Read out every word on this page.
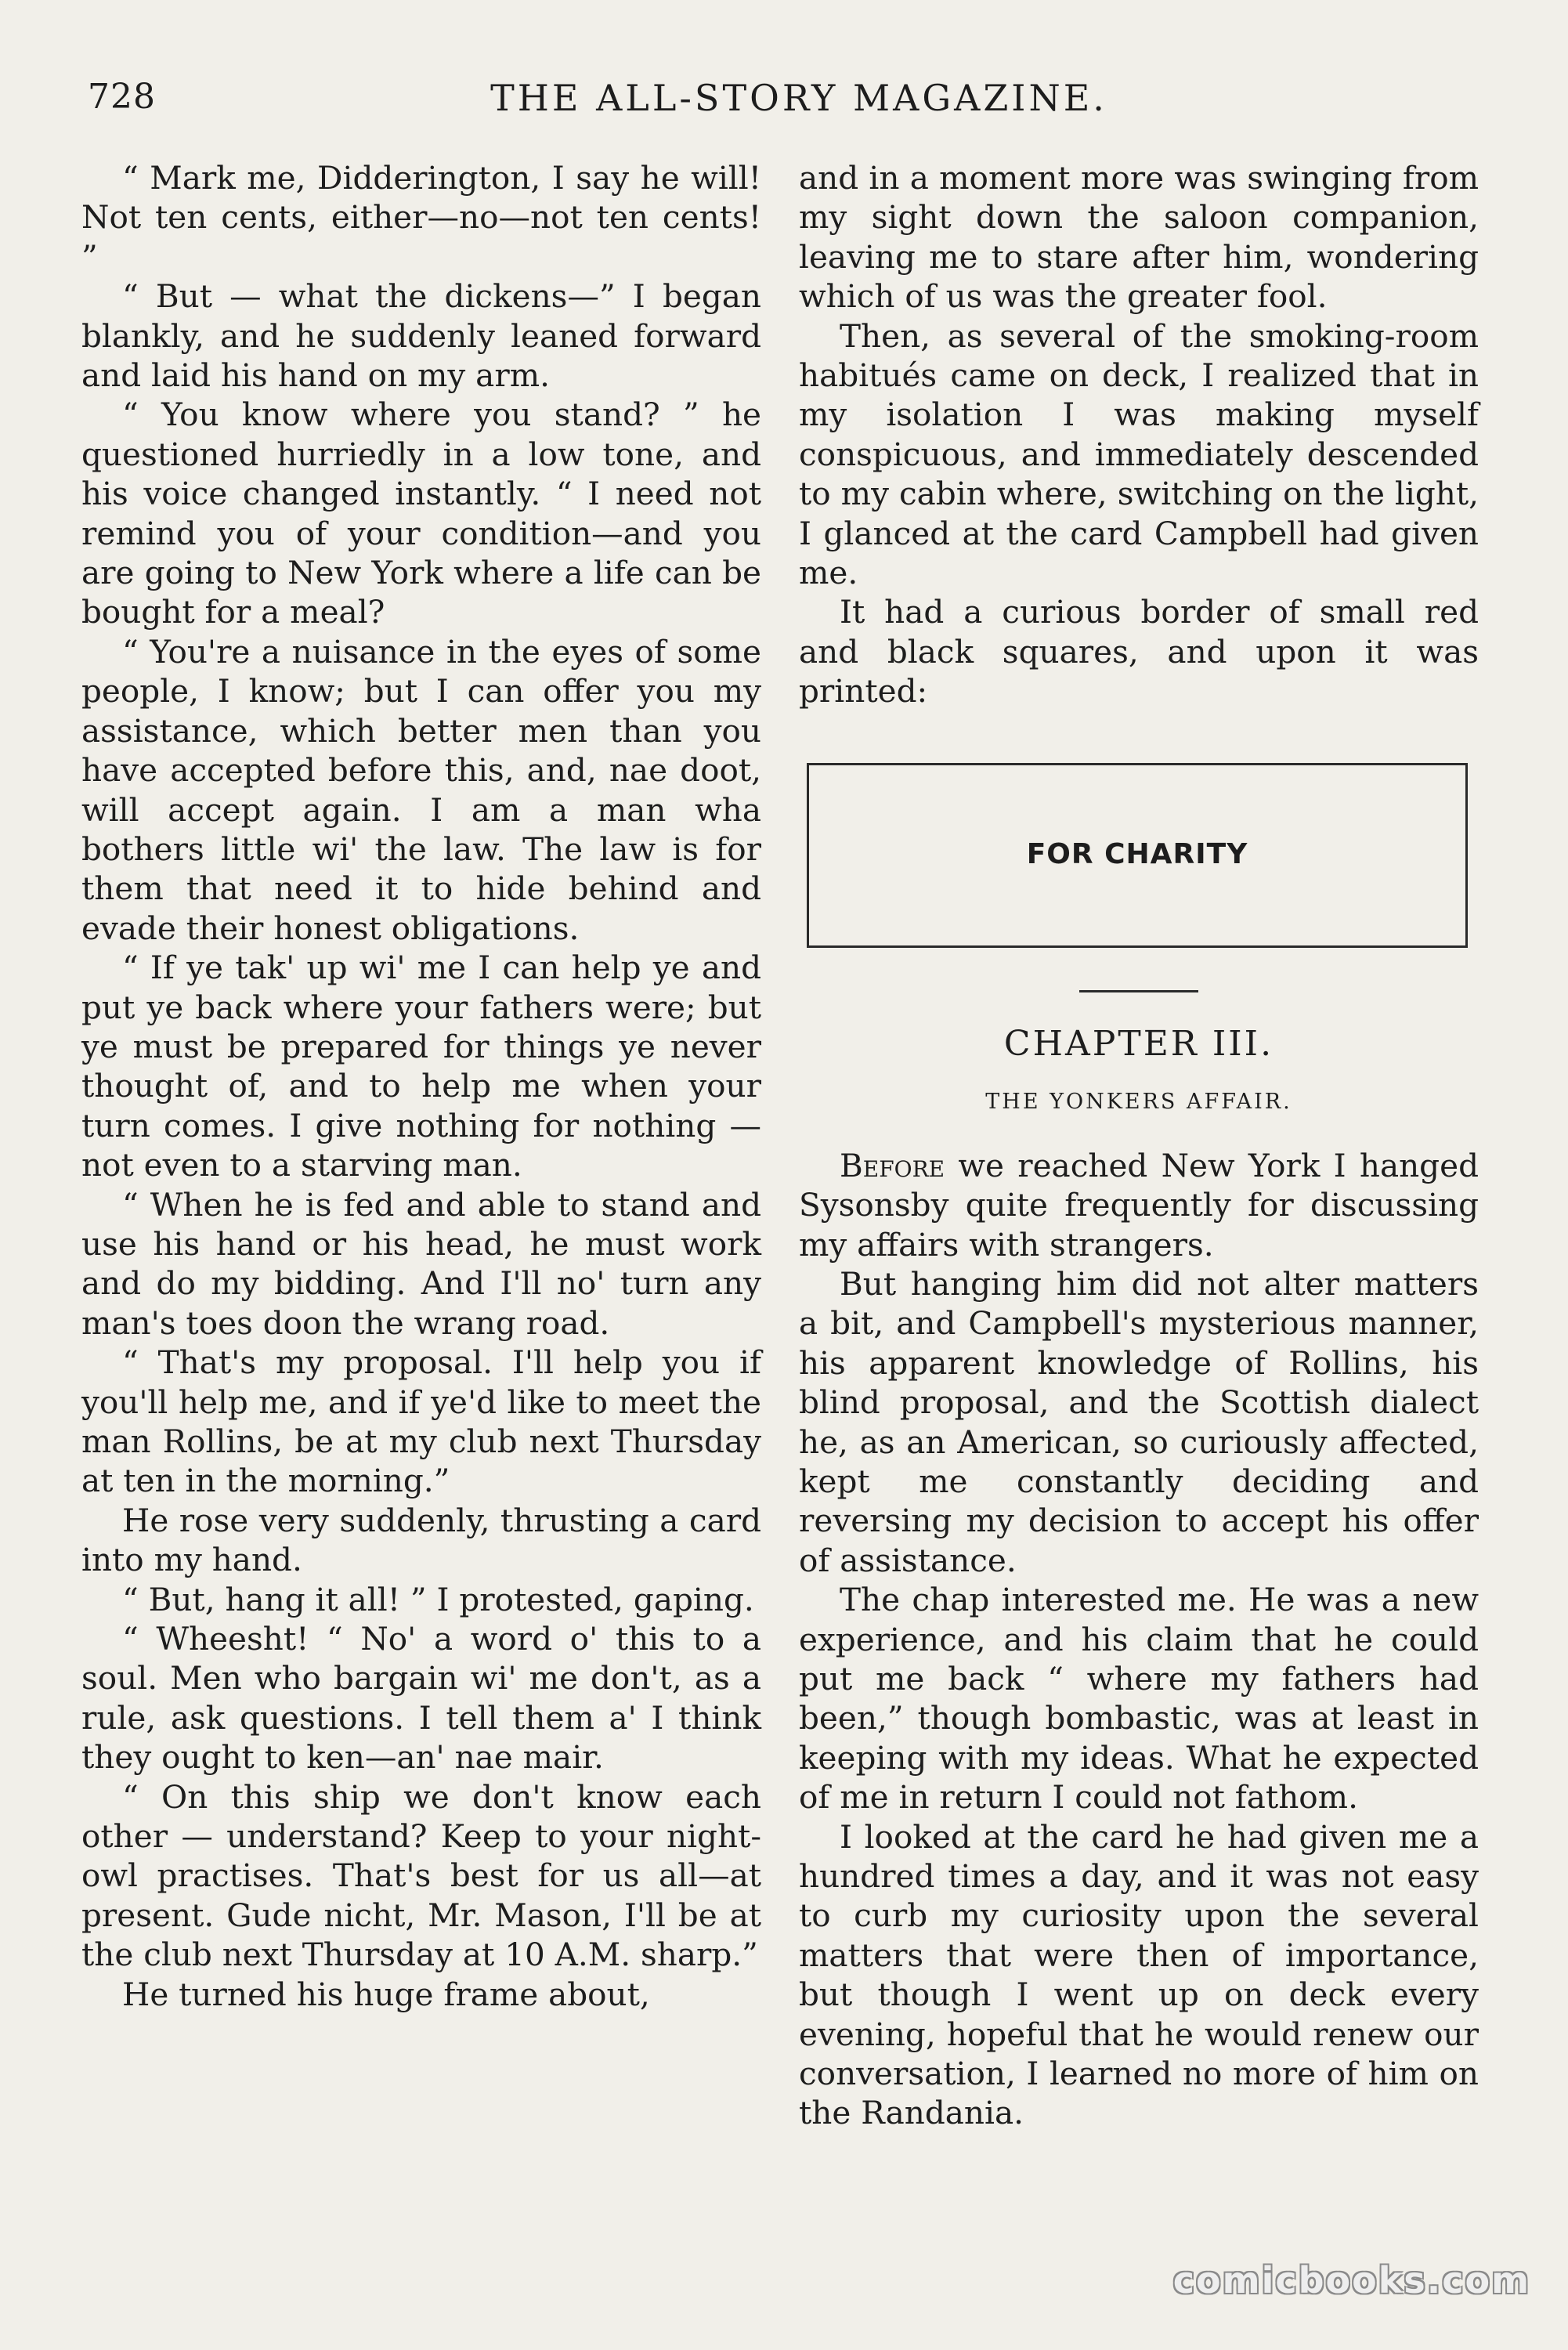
728	THE ALL-STORY MAGAZINE.

“ Mark me, Didderington, I say he will! Not ten cents, either—no—not ten cents! ”

“ But — what the dickens—” I began blankly, and he suddenly leaned forward and laid his hand on my arm.

“ You know where you stand? ” he questioned hurriedly in a low tone, and his voice changed instantly. “ I need not remind you of your condition—and you are going to New York where a life can be bought for a meal?

“ You're a nuisance in the eyes of some people, I know; but I can offer you my assistance, which better men than you have accepted before this, and, nae doot, will accept again. I am a man wha bothers little wi' the law. The law is for them that need it to hide behind and evade their honest obligations.

“ If ye tak' up wi' me I can help ye and put ye back where your fathers were; but ye must be prepared for things ye never thought of, and to help me when your turn comes. I give nothing for nothing — not even to a starving man.

“ When he is fed and able to stand and use his hand or his head, he must work and do my bidding. And I'll no' turn any man's toes doon the wrang road.

“ That's my proposal. I'll help you if you'll help me, and if ye'd like to meet the man Rollins, be at my club next Thursday at ten in the morning.”

He rose very suddenly, thrusting a card into my hand.

“ But, hang it all! ” I protested, gaping.

“ Wheesht! “ No' a word o' this to a soul. Men who bargain wi' me don't, as a rule, ask questions. I tell them a' I think they ought to ken—an' nae mair.

“ On this ship we don't know each other — understand? Keep to your night-owl practises. That's best for us all—at present. Gude nicht, Mr. Mason, I'll be at the club next Thursday at 10 A.M. sharp.”

He turned his huge frame about,

and in a moment more was swinging from my sight down the saloon companion, leaving me to stare after him, wondering which of us was the greater fool.

Then, as several of the smoking-room habitués came on deck, I realized that in my isolation I was making myself conspicuous, and immediately descended to my cabin where, switching on the light, I glanced at the card Campbell had given me.

It had a curious border of small red and black squares, and upon it was printed:

FOR CHARITY
CHAPTER III.
THE YONKERS AFFAIR.

Before we reached New York I hanged Sysonsby quite frequently for discussing my affairs with strangers.

But hanging him did not alter matters a bit, and Campbell's mysterious manner, his apparent knowledge of Rollins, his blind proposal, and the Scottish dialect he, as an American, so curiously affected, kept me constantly deciding and reversing my decision to accept his offer of assistance.

The chap interested me. He was a new experience, and his claim that he could put me back “ where my fathers had been,” though bombastic, was at least in keeping with my ideas. What he expected of me in return I could not fathom.

I looked at the card he had given me a hundred times a day, and it was not easy to curb my curiosity upon the several matters that were then of importance, but though I went up on deck every evening, hopeful that he would renew our conversation, I learned no more of him on the Randania.

comicbooks.com
